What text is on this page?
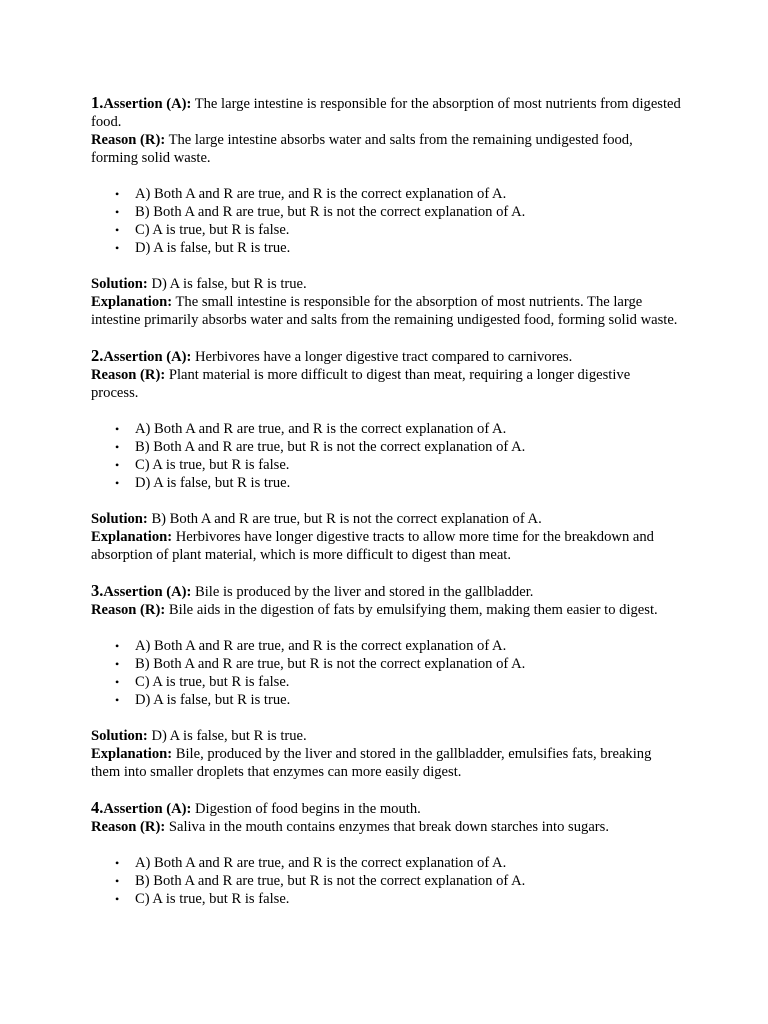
1.Assertion (A): The large intestine is responsible for the absorption of most nutrients from digested food.

Reason (R): The large intestine absorbs water and salts from the remaining undigested food, forming solid waste.

• A) Both A and R are true, and R is the correct explanation of A.
• B) Both A and R are true, but R is not the correct explanation of A.
• C) A is true, but R is false.
• D) A is false, but R is true.

Solution: D) A is false, but R is true.

Explanation: The small intestine is responsible for the absorption of most nutrients. The large intestine primarily absorbs water and salts from the remaining undigested food, forming solid waste.

2.Assertion (A): Herbivores have a longer digestive tract compared to carnivores.

Reason (R): Plant material is more difficult to digest than meat, requiring a longer digestive process.

• A) Both A and R are true, and R is the correct explanation of A.
• B) Both A and R are true, but R is not the correct explanation of A.
• C) A is true, but R is false.
• D) A is false, but R is true.

Solution: B) Both A and R are true, but R is not the correct explanation of A.

Explanation: Herbivores have longer digestive tracts to allow more time for the breakdown and absorption of plant material, which is more difficult to digest than meat.

3.Assertion (A): Bile is produced by the liver and stored in the gallbladder.

Reason (R): Bile aids in the digestion of fats by emulsifying them, making them easier to digest.

• A) Both A and R are true, and R is the correct explanation of A.
• B) Both A and R are true, but R is not the correct explanation of A.
• C) A is true, but R is false.
• D) A is false, but R is true.

Solution: D) A is false, but R is true.

Explanation: Bile, produced by the liver and stored in the gallbladder, emulsifies fats, breaking them into smaller droplets that enzymes can more easily digest.

4.Assertion (A): Digestion of food begins in the mouth.

Reason (R): Saliva in the mouth contains enzymes that break down starches into sugars.

• A) Both A and R are true, and R is the correct explanation of A.
• B) Both A and R are true, but R is not the correct explanation of A.
• C) A is true, but R is false.
